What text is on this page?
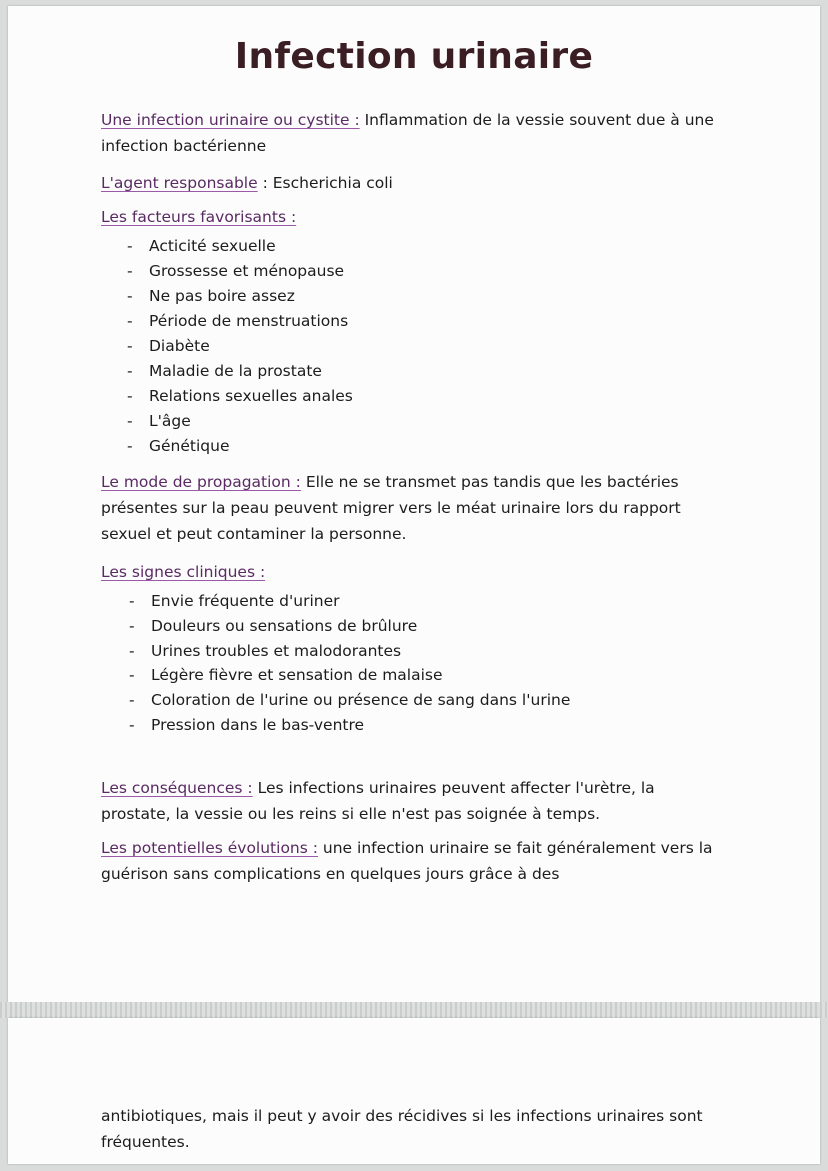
Infection urinaire

Une infection urinaire ou cystite : Inflammation de la vessie souvent due à une infection bactérienne

L'agent responsable : Escherichia coli

Les facteurs favorisants :

- Acticité sexuelle
- Grossesse et ménopause
- Ne pas boire assez
- Période de menstruations
- Diabète
- Maladie de la prostate
- Relations sexuelles anales
- L'âge
- Génétique

Le mode de propagation : Elle ne se transmet pas tandis que les bactéries présentes sur la peau peuvent migrer vers le méat urinaire lors du rapport sexuel et peut contaminer la personne.

Les signes cliniques :

- Envie fréquente d'uriner
- Douleurs ou sensations de brûlure
- Urines troubles et malodorantes
- Légère fièvre et sensation de malaise
- Coloration de l'urine ou présence de sang dans l'urine
- Pression dans le bas-ventre

Les conséquences : Les infections urinaires peuvent affecter l'urètre, la prostate, la vessie ou les reins si elle n'est pas soignée à temps.

Les potentielles évolutions : une infection urinaire se fait généralement vers la guérison sans complications en quelques jours grâce à des

antibiotiques, mais il peut y avoir des récidives si les infections urinaires sont fréquentes.
